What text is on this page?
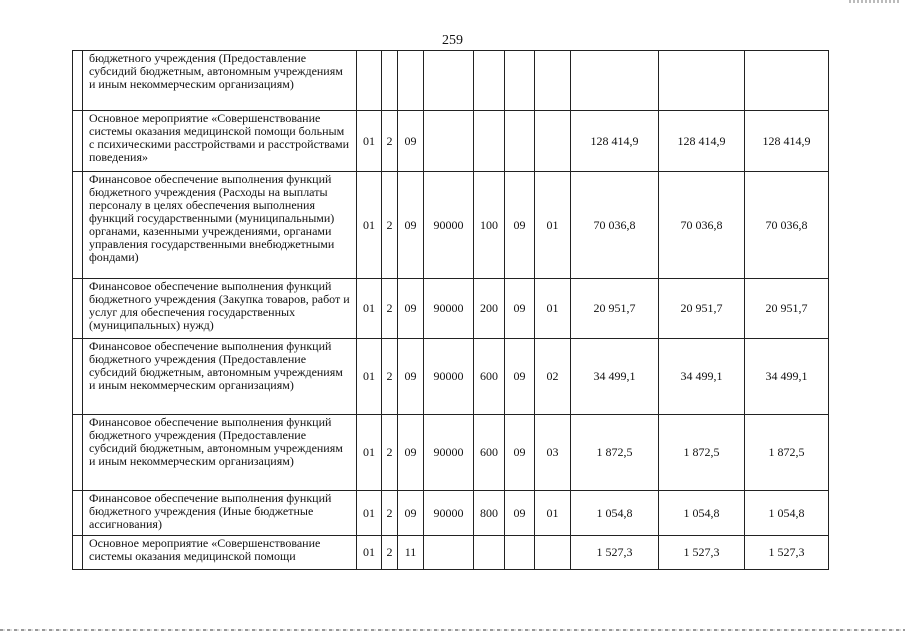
259
	бюджетного учреждения (Предоставление субсидий бюджетным, автономным учреждениям и иным некоммерческим организациям)										
	Основное мероприятие «Совершенствование системы оказания медицинской помощи больным с психическими расстройствами и расстройствами поведения»	01	2	09					128 414,9	128 414,9	128 414,9
	Финансовое обеспечение выполнения функций бюджетного учреждения (Расходы на выплаты персоналу в целях обеспечения выполнения функций государственными (муниципальными) органами, казенными учреждениями, органами управления государственными внебюджетными фондами)	01	2	09	90000	100	09	01	70 036,8	70 036,8	70 036,8
	Финансовое обеспечение выполнения функций бюджетного учреждения (Закупка товаров, работ и услуг для обеспечения государственных (муниципальных) нужд)	01	2	09	90000	200	09	01	20 951,7	20 951,7	20 951,7
	Финансовое обеспечение выполнения функций бюджетного учреждения (Предоставление субсидий бюджетным, автономным учреждениям и иным некоммерческим организациям)	01	2	09	90000	600	09	02	34 499,1	34 499,1	34 499,1
	Финансовое обеспечение выполнения функций бюджетного учреждения (Предоставление субсидий бюджетным, автономным учреждениям и иным некоммерческим организациям)	01	2	09	90000	600	09	03	1 872,5	1 872,5	1 872,5
	Финансовое обеспечение выполнения функций бюджетного учреждения (Иные бюджетные ассигнования)	01	2	09	90000	800	09	01	1 054,8	1 054,8	1 054,8
	Основное мероприятие «Совершенствование системы оказания медицинской помощи	01	2	11					1 527,3	1 527,3	1 527,3
